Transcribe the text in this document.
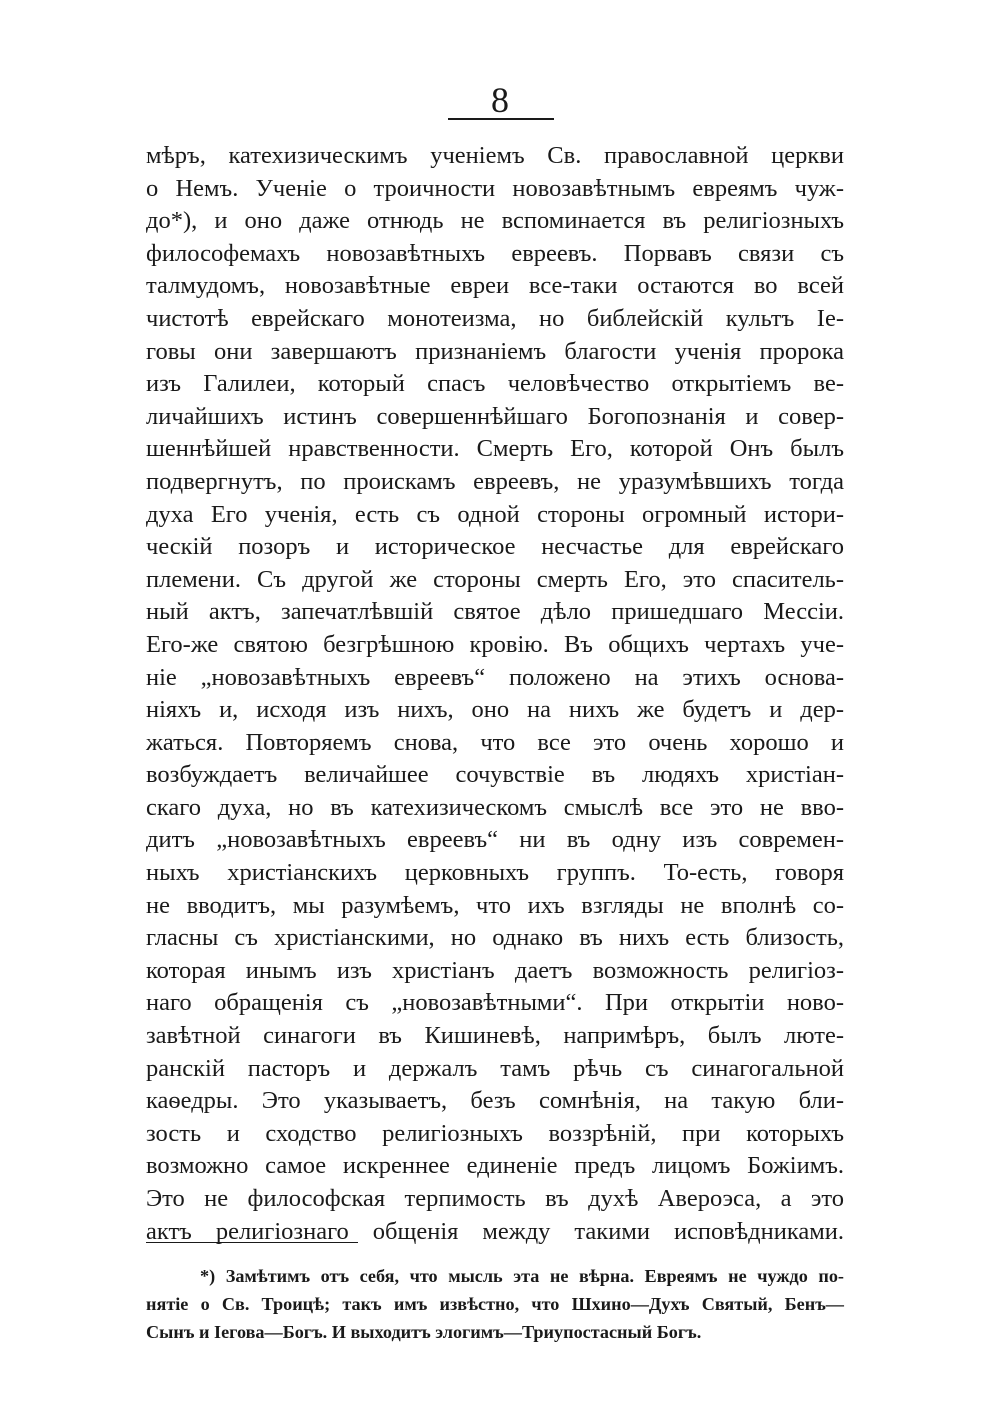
8
мѣръ, катехизическимъ ученіемъ Св. православной церкви
о Немъ. Ученіе о троичности новозавѣтнымъ евреямъ чуж-
до*), и оно даже отнюдь не вспоминается въ религіозныхъ
философемахъ новозавѣтныхъ евреевъ. Порвавъ связи съ
талмудомъ, новозавѣтные евреи все-таки остаются во всей
чистотѣ еврейскаго монотеизма, но библейскій культъ Іе-
говы они завершаютъ признаніемъ благости ученія пророка
изъ Галилеи, который спасъ человѣчество открытіемъ ве-
личайшихъ истинъ совершеннѣйшаго Богопознанія и совер-
шеннѣйшей нравственности. Смерть Его, которой Онъ былъ
подвергнутъ, по проискамъ евреевъ, не уразумѣвшихъ тогда
духа Его ученія, есть съ одной стороны огромный истори-
ческій позоръ и историческое несчастье для еврейскаго
племени. Съ другой же стороны смерть Его, это спаситель-
ный актъ, запечатлѣвшій святое дѣло пришедшаго Мессіи.
Его-же святою безгрѣшною кровію. Въ общихъ чертахъ уче-
ніе „новозавѣтныхъ евреевъ“ положено на этихъ основа-
ніяхъ и, исходя изъ нихъ, оно на нихъ же будетъ и дер-
жаться. Повторяемъ снова, что все это очень хорошо и
возбуждаетъ величайшее сочувствіе въ людяхъ христіан-
скаго духа, но въ катехизическомъ смыслѣ все это не вво-
дитъ „новозавѣтныхъ евреевъ“ ни въ одну изъ современ-
ныхъ христіанскихъ церковныхъ группъ. То-есть, говоря
не вводитъ, мы разумѣемъ, что ихъ взгляды не вполнѣ со-
гласны съ христіанскими, но однако въ нихъ есть близость,
которая инымъ изъ христіанъ даетъ возможность религіоз-
наго обращенія съ „новозавѣтными“. При открытіи ново-
завѣтной синагоги въ Кишиневѣ, напримѣръ, былъ люте-
ранскій пасторъ и держалъ тамъ рѣчь съ синагогальной
каѳедры. Это указываетъ, безъ сомнѣнія, на такую бли-
зость и сходство религіозныхъ воззрѣній, при которыхъ
возможно самое искреннее единеніе предъ лицомъ Божіимъ.
Это не философская терпимость въ духѣ Авероэса, а это
актъ религіознаго общенія между такими исповѣдниками.
*) Замѣтимъ отъ себя, что мысль эта не вѣрна. Евреямъ не чуждо по-
нятіе о Св. Троицѣ; такъ имъ извѣстно, что Шхино—Духъ Святый, Бенъ—
Сынъ и Іегова—Богъ. И выходитъ элогимъ—Триупостасный Богъ.
